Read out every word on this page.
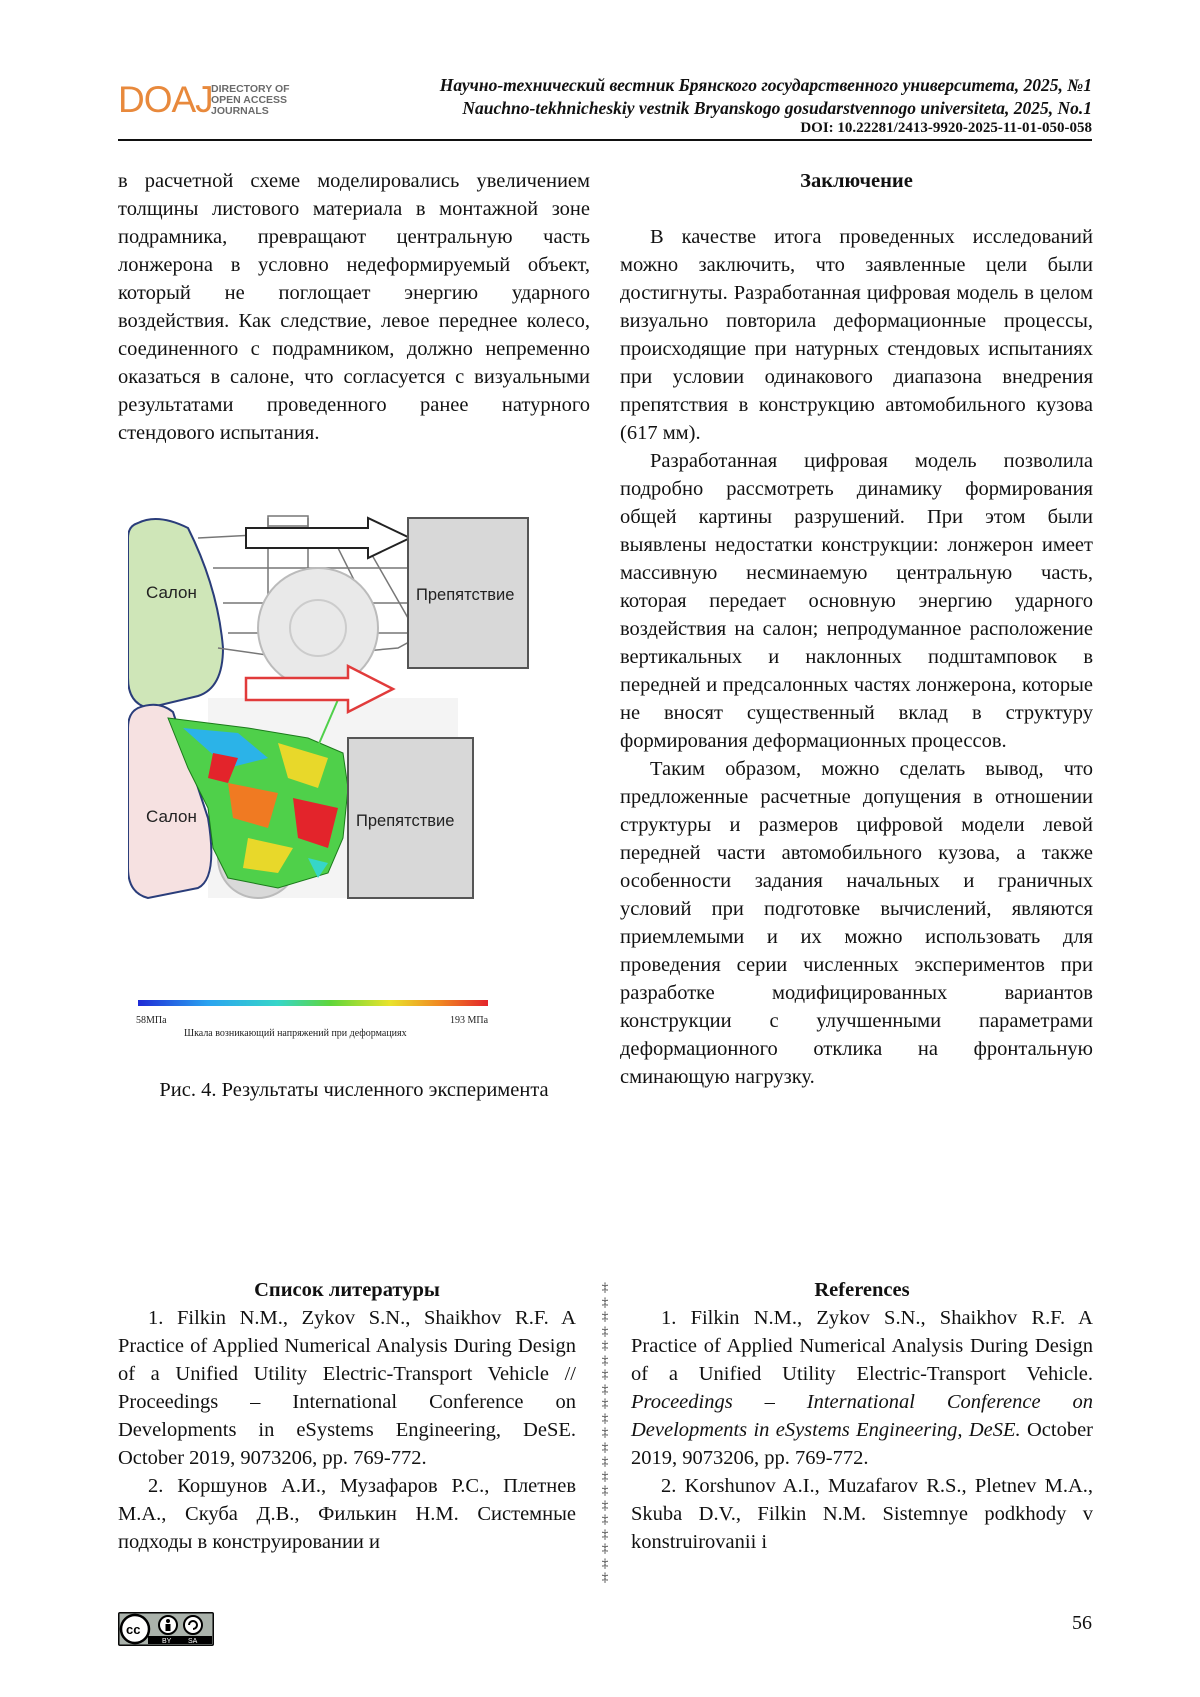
DOAJ
DIRECTORY OF
OPEN ACCESS
JOURNALS
Научно-технический вестник Брянского государственного университета, 2025, №1
Nauchno-tekhnicheskiy vestnik Bryanskogo gosudarstvennogo universiteta, 2025, No.1
DOI: 10.22281/2413-9920-2025-11-01-050-058

в расчетной схеме моделировались увеличением толщины листового материала в монтажной зоне подрамника, превращают центральную часть лонжерона в условно недеформируемый объект, который не поглощает энергию ударного воздействия. Как следствие, левое переднее колесо, соединенного с подрамником, должно непременно оказаться в салоне, что согласуется с визуальными результатами проведенного ранее натурного стендового испытания.

Салон	Препятствие
Салон	Препятствие
58МПа	193 МПа
Шкала возникающий напряжений при деформациях
Рис. 4. Результаты численного эксперимента

Заключение

В качестве итога проведенных исследований можно заключить, что заявленные цели были достигнуты. Разработанная цифровая модель в целом визуально повторила деформационные процессы, происходящие при натурных стендовых испытаниях при условии одинакового диапазона внедрения препятствия в конструкцию автомобильного кузова (617 мм).

Разработанная цифровая модель позволила подробно рассмотреть динамику формирования общей картины разрушений. При этом были выявлены недостатки конструкции: лонжерон имеет массивную несминаемую центральную часть, которая передает основную энергию ударного воздействия на салон; непродуманное расположение вертикальных и наклонных подштамповок в передней и предсалонных частях лонжерона, которые не вносят существенный вклад в структуру формирования деформационных процессов.

Таким образом, можно сделать вывод, что предложенные расчетные допущения в отношении структуры и размеров цифровой модели левой передней части автомобильного кузова, а также особенности задания начальных и граничных условий при подготовке вычислений, являются приемлемыми и их можно использовать для проведения серии численных экспериментов при разработке модифицированных вариантов конструкции с улучшенными параметрами деформационного отклика на фронтальную сминающую нагрузку.

Список литературы

1. Filkin N.M., Zykov S.N., Shaikhov R.F. A Practice of Applied Numerical Analysis During Design of a Unified Utility Electric-Transport Vehicle // Proceedings – International Conference on Developments in eSystems Engineering, DeSE. October 2019, 9073206, pp. 769-772.

2. Коршунов А.И., Музафаров Р.С., Плетнев М.А., Скуба Д.В., Филькин Н.М. Системные подходы в конструировании и

‡
‡
‡
‡
‡
‡
‡
‡
‡
‡
‡
‡
‡
‡
‡
‡
‡
‡
‡
‡
‡

References

1. Filkin N.M., Zykov S.N., Shaikhov R.F. A Practice of Applied Numerical Analysis During Design of a Unified Utility Electric-Transport Vehicle. Proceedings – International Conference on Developments in eSystems Engineering, DeSE. October 2019, 9073206, pp. 769-772.

2. Korshunov A.I., Muzafarov R.S., Pletnev M.A., Skuba D.V., Filkin N.M. Sistemnye podkhody v konstruirovanii i

cc
BY SA
56
